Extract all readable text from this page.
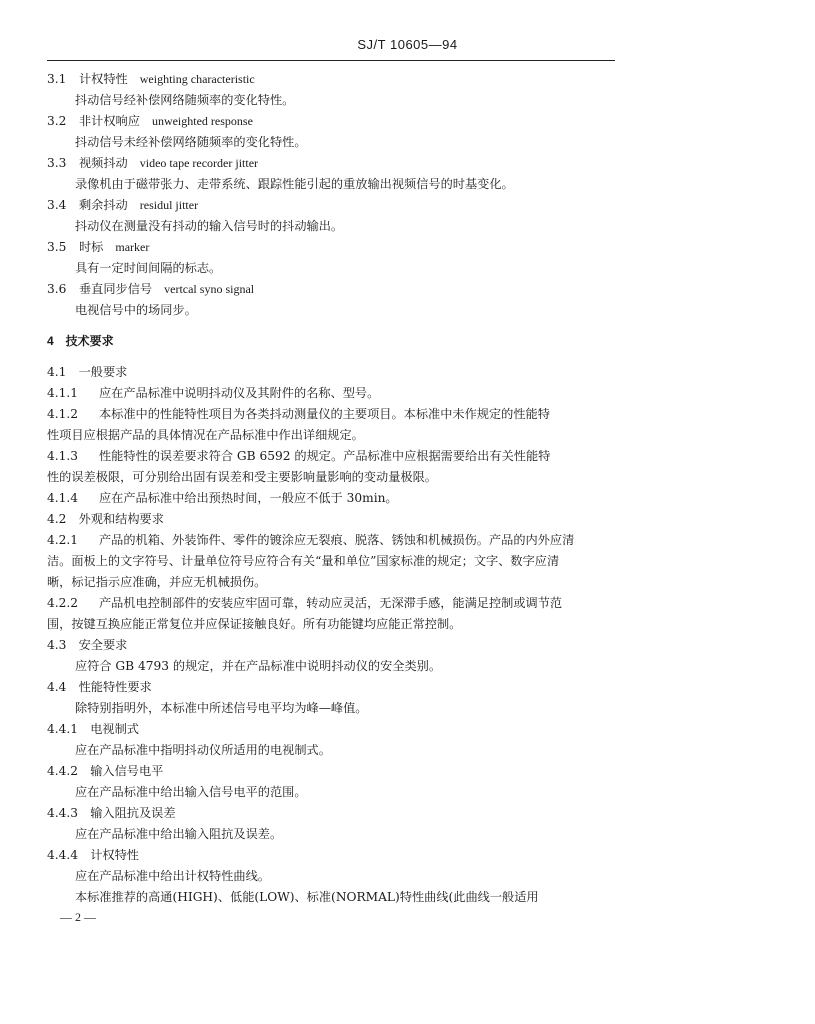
SJ/T 10605—94
3.1 计权特性 weighting characteristic
抖动信号经补偿网络随频率的变化特性。
3.2 非计权响应 unweighted response
抖动信号未经补偿网络随频率的变化特性。
3.3 视频抖动 video tape recorder jitter
录像机由于磁带张力、走带系统、跟踪性能引起的重放输出视频信号的时基变化。
3.4 剩余抖动 residul jitter
抖动仪在测量没有抖动的输入信号时的抖动输出。
3.5 时标 marker
具有一定时间间隔的标志。
3.6 垂直同步信号 vertcal syno signal
电视信号中的场同步。
4　技术要求
4.1　一般要求
4.1.1 应在产品标准中说明抖动仪及其附件的名称、型号。
4.1.2 本标准中的性能特性项目为各类抖动测量仪的主要项目。本标准中未作规定的性能特
性项目应根据产品的具体情况在产品标准中作出详细规定。
4.1.3 性能特性的误差要求符合 GB 6592 的规定。产品标准中应根据需要给出有关性能特
性的误差极限，可分别给出固有误差和受主要影响量影响的变动量极限。
4.1.4 应在产品标准中给出预热时间，一般应不低于 30min。
4.2　外观和结构要求
4.2.1 产品的机箱、外装饰件、零件的镀涂应无裂痕、脱落、锈蚀和机械损伤。产品的内外应清
洁。面板上的文字符号、计量单位符号应符合有关“量和单位”国家标准的规定；文字、数字应清
晰，标记指示应准确，并应无机械损伤。
4.2.2 产品机电控制部件的安装应牢固可靠，转动应灵活，无深滞手感，能满足控制或调节范
围，按键互换应能正常复位并应保证接触良好。所有功能键均应能正常控制。
4.3　安全要求
应符合 GB 4793 的规定，并在产品标准中说明抖动仪的安全类别。
4.4　性能特性要求
除特别指明外，本标准中所述信号电平均为峰—峰值。
4.4.1　电视制式
应在产品标准中指明抖动仪所适用的电视制式。
4.4.2　输入信号电平
应在产品标准中给出输入信号电平的范围。
4.4.3　输入阻抗及误差
应在产品标准中给出输入阻抗及误差。
4.4.4　计权特性
应在产品标准中给出计权特性曲线。
本标准推荐的高通(HIGH)、低能(LOW)、标准(NORMAL)特性曲线(此曲线一般适用
— 2 —
